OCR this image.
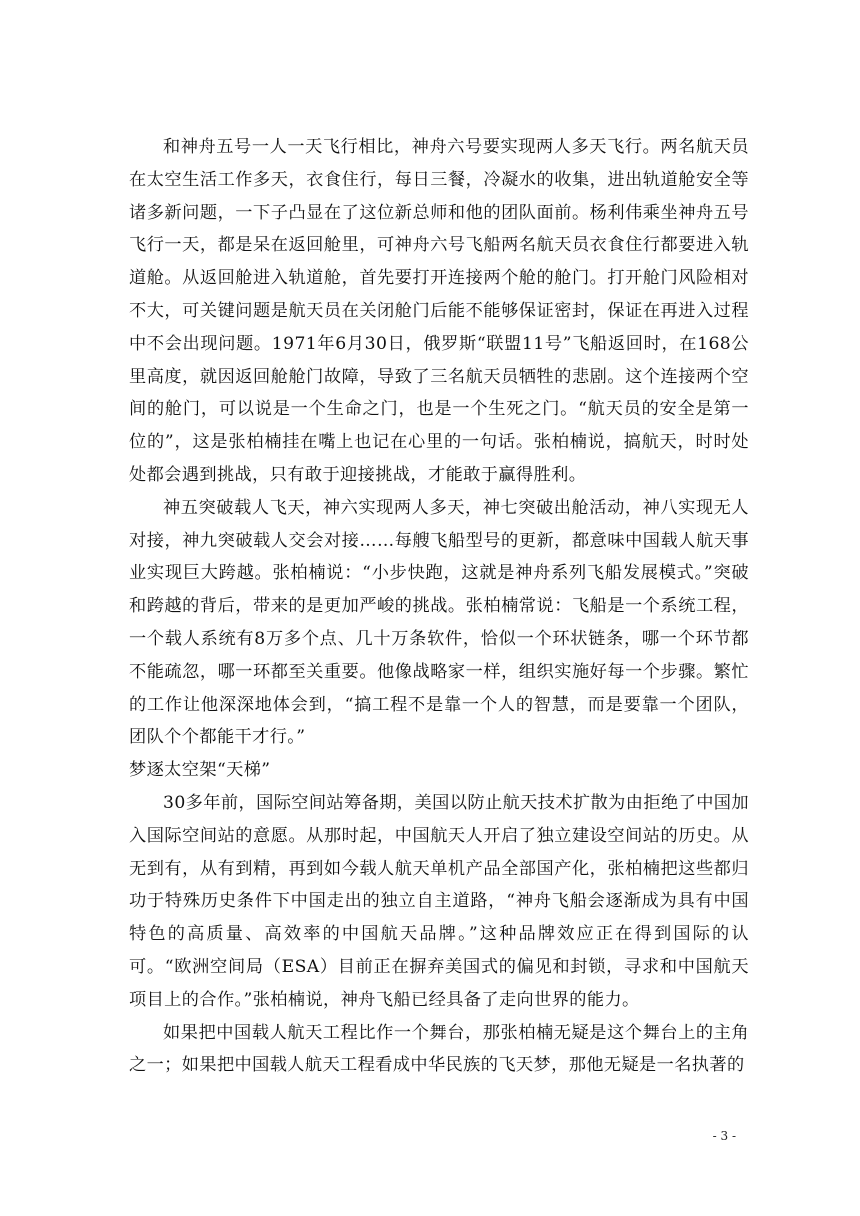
和神舟五号一人一天飞行相比，神舟六号要实现两人多天飞行。两名航天员在太空生活工作多天，衣食住行，每日三餐，冷凝水的收集，进出轨道舱安全等诸多新问题，一下子凸显在了这位新总师和他的团队面前。杨利伟乘坐神舟五号飞行一天，都是呆在返回舱里，可神舟六号飞船两名航天员衣食住行都要进入轨道舱。从返回舱进入轨道舱，首先要打开连接两个舱的舱门。打开舱门风险相对不大，可关键问题是航天员在关闭舱门后能不能够保证密封，保证在再进入过程中不会出现问题。1971年6月30日，俄罗斯“联盟11号”飞船返回时，在168公里高度，就因返回舱舱门故障，导致了三名航天员牺牲的悲剧。这个连接两个空间的舱门，可以说是一个生命之门，也是一个生死之门。“航天员的安全是第一位的”，这是张柏楠挂在嘴上也记在心里的一句话。张柏楠说，搞航天，时时处处都会遇到挑战，只有敢于迎接挑战，才能敢于赢得胜利。

神五突破载人飞天，神六实现两人多天，神七突破出舱活动，神八实现无人对接，神九突破载人交会对接……每艘飞船型号的更新，都意味中国载人航天事业实现巨大跨越。张柏楠说：“小步快跑，这就是神舟系列飞船发展模式。”突破和跨越的背后，带来的是更加严峻的挑战。张柏楠常说：飞船是一个系统工程，一个载人系统有8万多个点、几十万条软件，恰似一个环状链条，哪一个环节都不能疏忽，哪一环都至关重要。他像战略家一样，组织实施好每一个步骤。繁忙的工作让他深深地体会到，“搞工程不是靠一个人的智慧，而是要靠一个团队，团队个个都能干才行。”

梦逐太空架“天梯”

30多年前，国际空间站筹备期，美国以防止航天技术扩散为由拒绝了中国加入国际空间站的意愿。从那时起，中国航天人开启了独立建设空间站的历史。从无到有，从有到精，再到如今载人航天单机产品全部国产化，张柏楠把这些都归功于特殊历史条件下中国走出的独立自主道路，“神舟飞船会逐渐成为具有中国特色的高质量、高效率的中国航天品牌。”这种品牌效应正在得到国际的认可。“欧洲空间局（ESA）目前正在摒弃美国式的偏见和封锁，寻求和中国航天项目上的合作。”张柏楠说，神舟飞船已经具备了走向世界的能力。

如果把中国载人航天工程比作一个舞台，那张柏楠无疑是这个舞台上的主角之一；如果把中国载人航天工程看成中华民族的飞天梦，那他无疑是一名执著的

- 3 -
